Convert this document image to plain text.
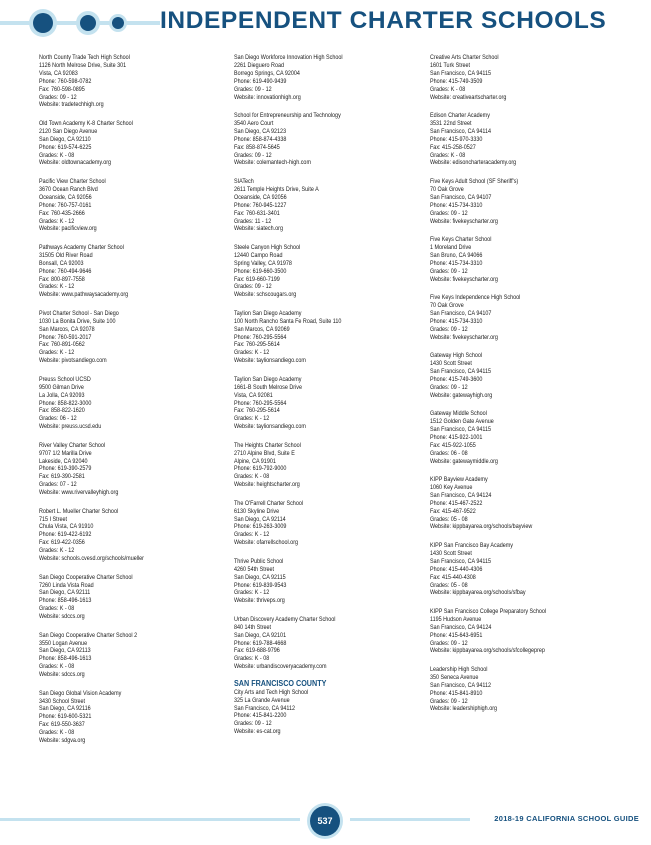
INDEPENDENT CHARTER SCHOOLS
North County Trade Tech High School
1126 North Melrose Drive, Suite 301
Vista, CA 92083
Phone: 760-598-0782
Fax: 760-598-0895
Grades: 09 - 12
Website: tradetechhigh.org
Old Town Academy K-8 Charter School
2120 San Diego Avenue
San Diego, CA 92110
Phone: 619-574-6225
Grades: K - 08
Website: oldtownacademy.org
Pacific View Charter School
3670 Ocean Ranch Blvd
Oceanside, CA 92056
Phone: 760-757-0161
Fax: 760-435-2666
Grades: K - 12
Website: pacificview.org
Pathways Academy Charter School
31505 Old River Road
Bonsall, CA 92003
Phone: 760-494-9646
Fax: 800-897-7558
Grades: K - 12
Website: www.pathwaysacademy.org
Pivot Charter School - San Diego
1030 La Bonita Drive, Suite 100
San Marcos, CA 92078
Phone: 760-591-2017
Fax: 760-891-0562
Grades: K - 12
Website: pivotsandiego.com
Preuss School UCSD
9500 Gilman Drive
La Jolla, CA 92093
Phone: 858-822-3000
Fax: 858-822-1620
Grades: 06 - 12
Website: preuss.ucsd.edu
River Valley Charter School
9707 1/2 Marilla Drive
Lakeside, CA 92040
Phone: 619-390-2579
Fax: 619-390-2581
Grades: 07 - 12
Website: www.rivervalleyhigh.org
Robert L. Mueller Charter School
715 I Street
Chula Vista, CA 91910
Phone: 619-422-6192
Fax: 619-422-0356
Grades: K - 12
Website: schools.cvesd.org/schools/mueller
San Diego Cooperative Charter School
7260 Linda Vista Road
San Diego, CA 92111
Phone: 858-496-1613
Grades: K - 08
Website: sdccs.org
San Diego Cooperative Charter School 2
3550 Logan Avenue
San Diego, CA 92113
Phone: 858-496-1613
Grades: K - 08
Website: sdccs.org
San Diego Global Vision Academy
3430 School Street
San Diego, CA 92116
Phone: 619-600-5321
Fax: 619-550-3637
Grades: K - 08
Website: sdgva.org
San Diego Workforce Innovation High School
2261 Dieguero Road
Borrego Springs, CA 92004
Phone: 619-490-9439
Grades: 09 - 12
Website: innovationhigh.org
School for Entrepreneurship and Technology
3540 Aero Court
San Diego, CA 92123
Phone: 858-874-4338
Fax: 858-874-5645
Grades: 09 - 12
Website: colemantech-high.com
SIATech
2611 Temple Heights Drive, Suite A
Oceanside, CA 92056
Phone: 760-945-1227
Fax: 760-631-3401
Grades: 11 - 12
Website: siatech.org
Steele Canyon High School
12440 Campo Road
Spring Valley, CA 91978
Phone: 619-660-3500
Fax: 619-660-7199
Grades: 09 - 12
Website: schscougars.org
Taylion San Diego Academy
100 North Rancho Santa Fe Road, Suite 110
San Marcos, CA 92069
Phone: 760-295-5564
Fax: 760-295-5614
Grades: K - 12
Website: taylionsandiego.com
Taylion San Diego Academy
1661-B South Melrose Drive
Vista, CA 92081
Phone: 760-295-5564
Fax: 760-295-5614
Grades: K - 12
Website: taylionsandiego.com
The Heights Charter School
2710 Alpine Blvd, Suite E
Alpine, CA 91901
Phone: 619-792-9000
Grades: K - 08
Website: heightscharter.org
The O'Farrell Charter School
6130 Skyline Drive
San Diego, CA 92114
Phone: 619-263-3009
Grades: K - 12
Website: ofarrellschool.org
Thrive Public School
4260 54th Street
San Diego, CA 92115
Phone: 619-839-9543
Grades: K - 12
Website: thriveps.org
Urban Discovery Academy Charter School
840 14th Street
San Diego, CA 92101
Phone: 619-788-4668
Fax: 619-688-9796
Grades: K - 08
Website: urbandiscoveryacademy.com
SAN FRANCISCO COUNTY
City Arts and Tech High School
325 La Grande Avenue
San Francisco, CA 94112
Phone: 415-841-2200
Grades: 09 - 12
Website: es-cat.org
Creative Arts Charter School
1601 Turk Street
San Francisco, CA 94115
Phone: 415-749-3509
Grades: K - 08
Website: creativeartscharter.org
Edison Charter Academy
3531 22nd Street
San Francisco, CA 94114
Phone: 415-970-3330
Fax: 415-258-0527
Grades: K - 08
Website: edisoncharteracademy.org
Five Keys Adult School (SF Sheriff's)
70 Oak Grove
San Francisco, CA 94107
Phone: 415-734-3310
Grades: 09 - 12
Website: fivekeyscharter.org
Five Keys Charter School
1 Moreland Drive
San Bruno, CA 94066
Phone: 415-734-3310
Grades: 09 - 12
Website: fivekeyscharter.org
Five Keys Independence High School
70 Oak Grove
San Francisco, CA 94107
Phone: 415-734-3310
Grades: 09 - 12
Website: fivekeyscharter.org
Gateway High School
1430 Scott Street
San Francisco, CA 94115
Phone: 415-749-3600
Grades: 09 - 12
Website: gatewayhigh.org
Gateway Middle School
1512 Golden Gate Avenue
San Francisco, CA 94115
Phone: 415-922-1001
Fax: 415-922-1055
Grades: 06 - 08
Website: gatewaymiddle.org
KIPP Bayview Academy
1060 Key Avenue
San Francisco, CA 94124
Phone: 415-467-2522
Fax: 415-467-9522
Grades: 05 - 08
Website: kippbayarea.org/schools/bayview
KIPP San Francisco Bay Academy
1430 Scott Street
San Francisco, CA 94115
Phone: 415-440-4306
Fax: 415-440-4308
Grades: 05 - 08
Website: kippbayarea.org/schools/sfbay
KIPP San Francisco College Preparatory School
1195 Hudson Avenue
San Francisco, CA 94124
Phone: 415-643-6951
Grades: 09 - 12
Website: kippbayarea.org/schools/sfcollegeprep
Leadership High School
350 Seneca Avenue
San Francisco, CA 94112
Phone: 415-841-8910
Grades: 09 - 12
Website: leadershiphigh.org
537	2018-19 CALIFORNIA SCHOOL GUIDE
